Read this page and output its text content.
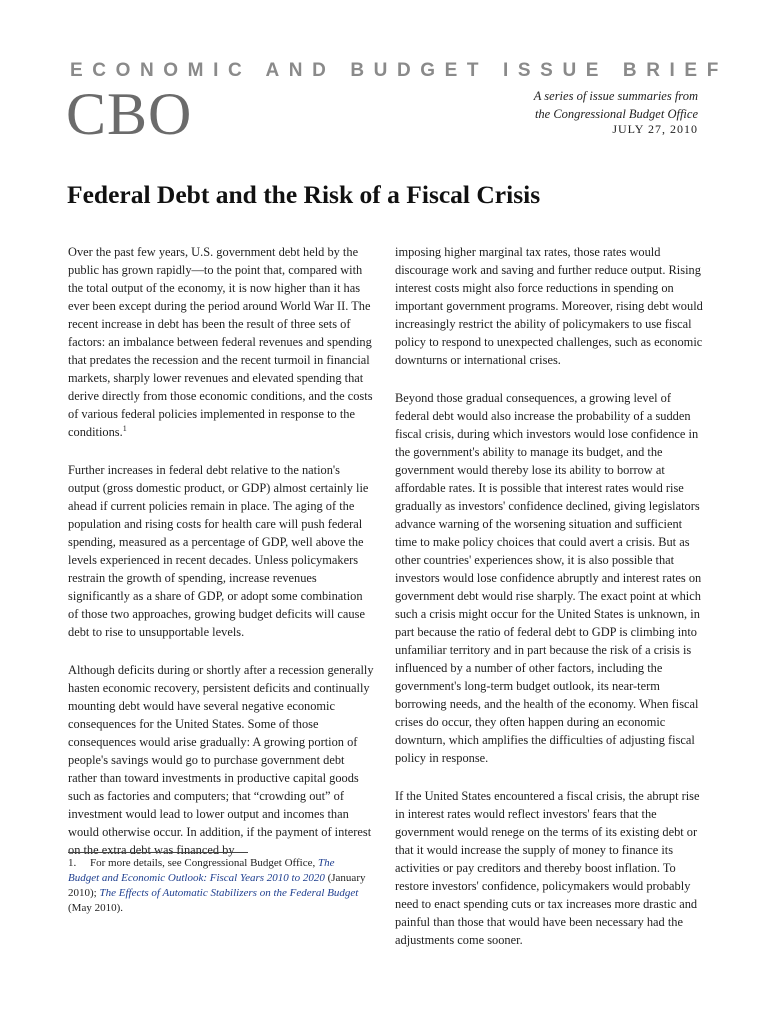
ECONOMIC AND BUDGET ISSUE BRIEF
CBO	A series of issue summaries from
the Congressional Budget Office
JULY 27, 2010
Federal Debt and the Risk of a Fiscal Crisis

Over the past few years, U.S. government debt held by the public has grown rapidly—to the point that, compared with the total output of the economy, it is now higher than it has ever been except during the period around World War II. The recent increase in debt has been the result of three sets of factors: an imbalance between federal revenues and spending that predates the recession and the recent turmoil in financial markets, sharply lower revenues and elevated spending that derive directly from those economic conditions, and the costs of various federal policies implemented in response to the conditions.$^1$

Further increases in federal debt relative to the nation's output (gross domestic product, or GDP) almost certainly lie ahead if current policies remain in place. The aging of the population and rising costs for health care will push federal spending, measured as a percentage of GDP, well above the levels experienced in recent decades. Unless policymakers restrain the growth of spending, increase revenues significantly as a share of GDP, or adopt some combination of those two approaches, growing budget deficits will cause debt to rise to unsupportable levels.

Although deficits during or shortly after a recession generally hasten economic recovery, persistent deficits and continually mounting debt would have several negative economic consequences for the United States. Some of those consequences would arise gradually: A growing portion of people's savings would go to purchase government debt rather than toward investments in productive capital goods such as factories and computers; that “crowding out” of investment would lead to lower output and incomes than would otherwise occur. In addition, if the payment of interest on the extra debt was financed by

imposing higher marginal tax rates, those rates would discourage work and saving and further reduce output. Rising interest costs might also force reductions in spending on important government programs. Moreover, rising debt would increasingly restrict the ability of policymakers to use fiscal policy to respond to unexpected challenges, such as economic downturns or international crises.

Beyond those gradual consequences, a growing level of federal debt would also increase the probability of a sudden fiscal crisis, during which investors would lose confidence in the government's ability to manage its budget, and the government would thereby lose its ability to borrow at affordable rates. It is possible that interest rates would rise gradually as investors' confidence declined, giving legislators advance warning of the worsening situation and sufficient time to make policy choices that could avert a crisis. But as other countries' experiences show, it is also possible that investors would lose confidence abruptly and interest rates on government debt would rise sharply. The exact point at which such a crisis might occur for the United States is unknown, in part because the ratio of federal debt to GDP is climbing into unfamiliar territory and in part because the risk of a crisis is influenced by a number of other factors, including the government's long-term budget outlook, its near-term borrowing needs, and the health of the economy. When fiscal crises do occur, they often happen during an economic downturn, which amplifies the difficulties of adjusting fiscal policy in response.

If the United States encountered a fiscal crisis, the abrupt rise in interest rates would reflect investors' fears that the government would renege on the terms of its existing debt or that it would increase the supply of money to finance its activities or pay creditors and thereby boost inflation. To restore investors' confidence, policymakers would probably need to enact spending cuts or tax increases more drastic and painful than those that would have been necessary had the adjustments come sooner.

1. For more details, see Congressional Budget Office, The Budget and Economic Outlook: Fiscal Years 2010 to 2020 (January 2010); The Effects of Automatic Stabilizers on the Federal Budget (May 2010).
